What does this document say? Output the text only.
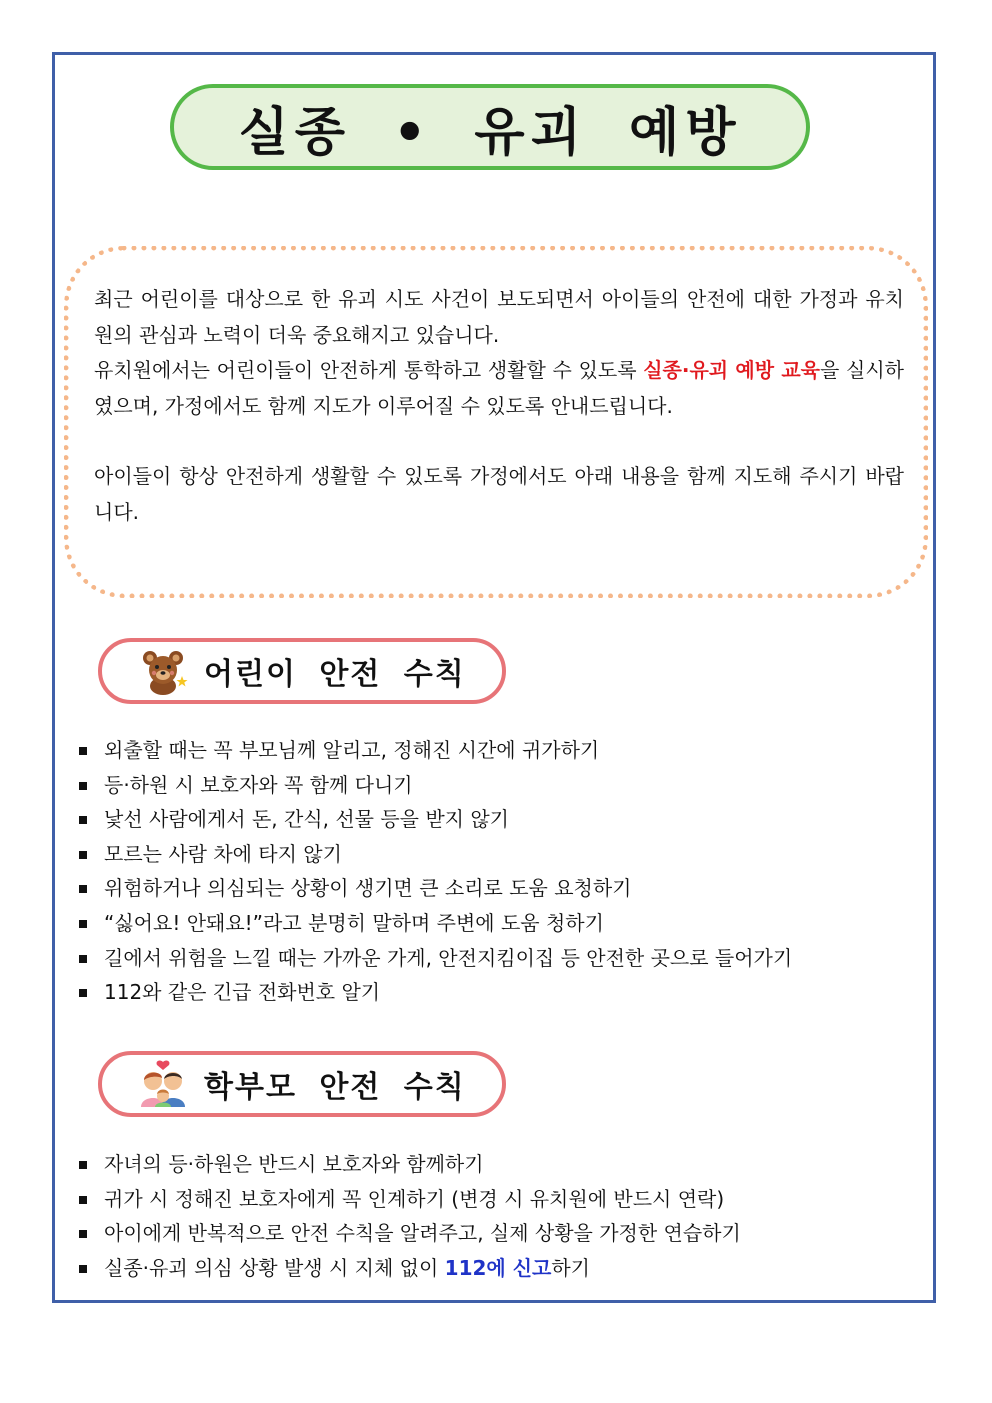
실종 • 유괴 예방

최근 어린이를 대상으로 한 유괴 시도 사건이 보도되면서 아이들의 안전에 대한 가정과 유치원의 관심과 노력이 더욱 중요해지고 있습니다.

유치원에서는 어린이들이 안전하게 통학하고 생활할 수 있도록 실종·유괴 예방 교육을 실시하였으며, 가정에서도 함께 지도가 이루어질 수 있도록 안내드립니다.

아이들이 항상 안전하게 생활할 수 있도록 가정에서도 아래 내용을 함께 지도해 주시기 바랍니다.

어린이 안전 수칙
외출할 때는 꼭 부모님께 알리고, 정해진 시간에 귀가하기
등·하원 시 보호자와 꼭 함께 다니기
낯선 사람에게서 돈, 간식, 선물 등을 받지 않기
모르는 사람 차에 타지 않기
위험하거나 의심되는 상황이 생기면 큰 소리로 도움 요청하기
“싫어요! 안돼요!”라고 분명히 말하며 주변에 도움 청하기
길에서 위험을 느낄 때는 가까운 가게, 안전지킴이집 등 안전한 곳으로 들어가기
112와 같은 긴급 전화번호 알기
학부모 안전 수칙
자녀의 등·하원은 반드시 보호자와 함께하기
귀가 시 정해진 보호자에게 꼭 인계하기 (변경 시 유치원에 반드시 연락)
아이에게 반복적으로 안전 수칙을 알려주고, 실제 상황을 가정한 연습하기
실종·유괴 의심 상황 발생 시 지체 없이 112에 신고하기
